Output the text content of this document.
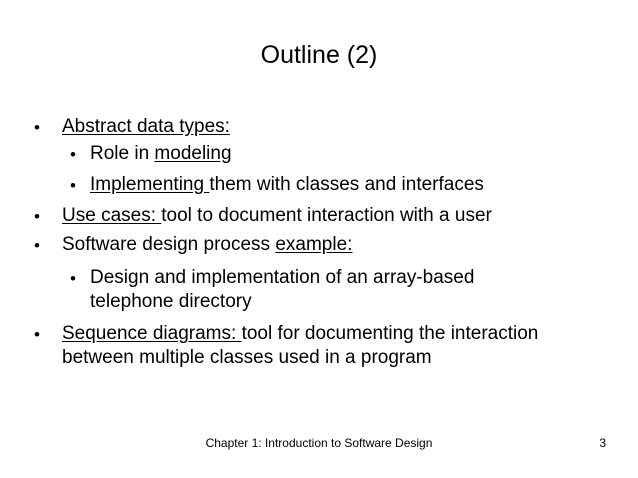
Outline (2)
• Abstract data types:
• Role in modeling
• Implementing them with classes and interfaces
• Use cases: tool to document interaction with a user
• Software design process example:
• Design and implementation of an array-based
telephone directory
• Sequence diagrams: tool for documenting the interaction
between multiple classes used in a program
Chapter 1: Introduction to Software Design	3
